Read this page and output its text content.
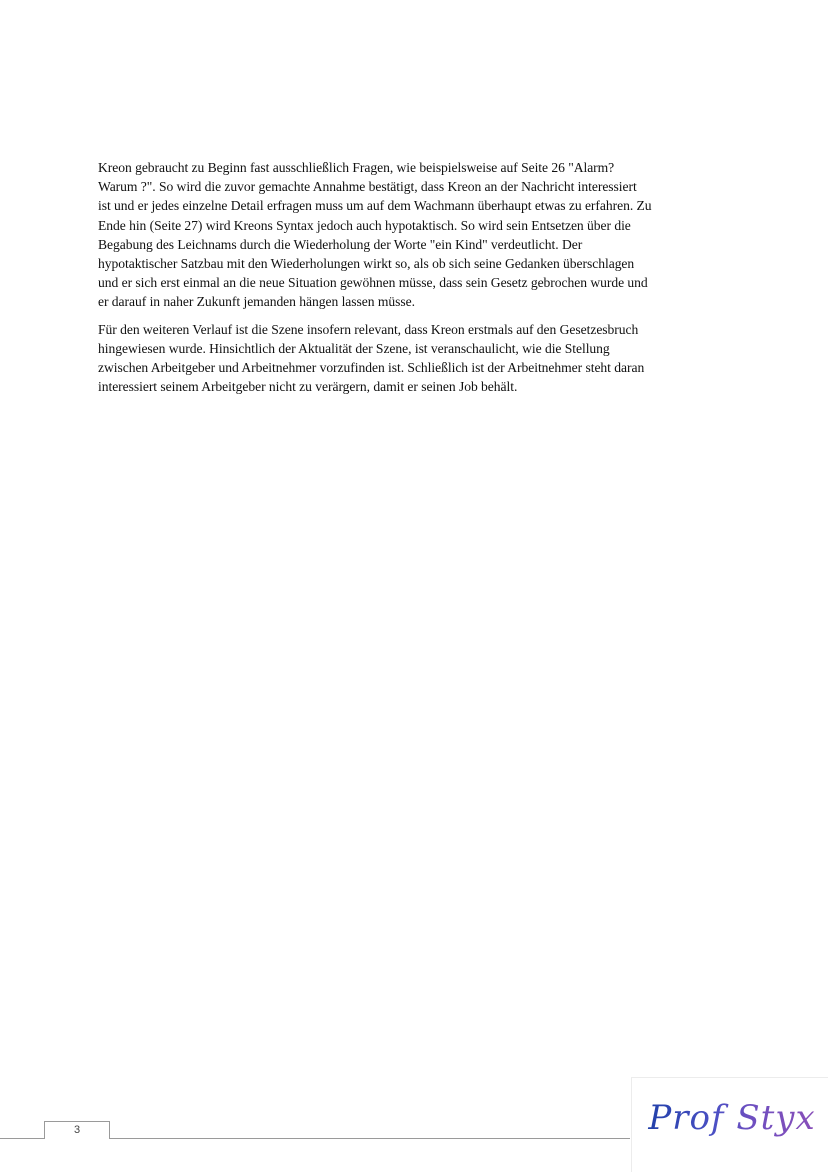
Kreon gebraucht zu Beginn fast ausschließlich Fragen, wie beispielsweise auf Seite 26 "Alarm?
Warum ?". So wird die zuvor gemachte Annahme bestätigt, dass Kreon an der Nachricht interessiert
ist und er jedes einzelne Detail erfragen muss um auf dem Wachmann überhaupt etwas zu erfahren. Zu
Ende hin (Seite 27) wird Kreons Syntax jedoch auch hypotaktisch. So wird sein Entsetzen über die
Begabung des Leichnams durch die Wiederholung der Worte "ein Kind" verdeutlicht. Der
hypotaktischer Satzbau mit den Wiederholungen wirkt so, als ob sich seine Gedanken überschlagen
und er sich erst einmal an die neue Situation gewöhnen müsse, dass sein Gesetz gebrochen wurde und
er darauf in naher Zukunft jemanden hängen lassen müsse.

Für den weiteren Verlauf ist die Szene insofern relevant, dass Kreon erstmals auf den Gesetzesbruch
hingewiesen wurde. Hinsichtlich der Aktualität der Szene, ist veranschaulicht, wie die Stellung
zwischen Arbeitgeber und Arbeitnehmer vorzufinden ist. Schließlich ist der Arbeitnehmer steht daran
interessiert seinem Arbeitgeber nicht zu verärgern, damit er seinen Job behält.

3	Prof Styx
